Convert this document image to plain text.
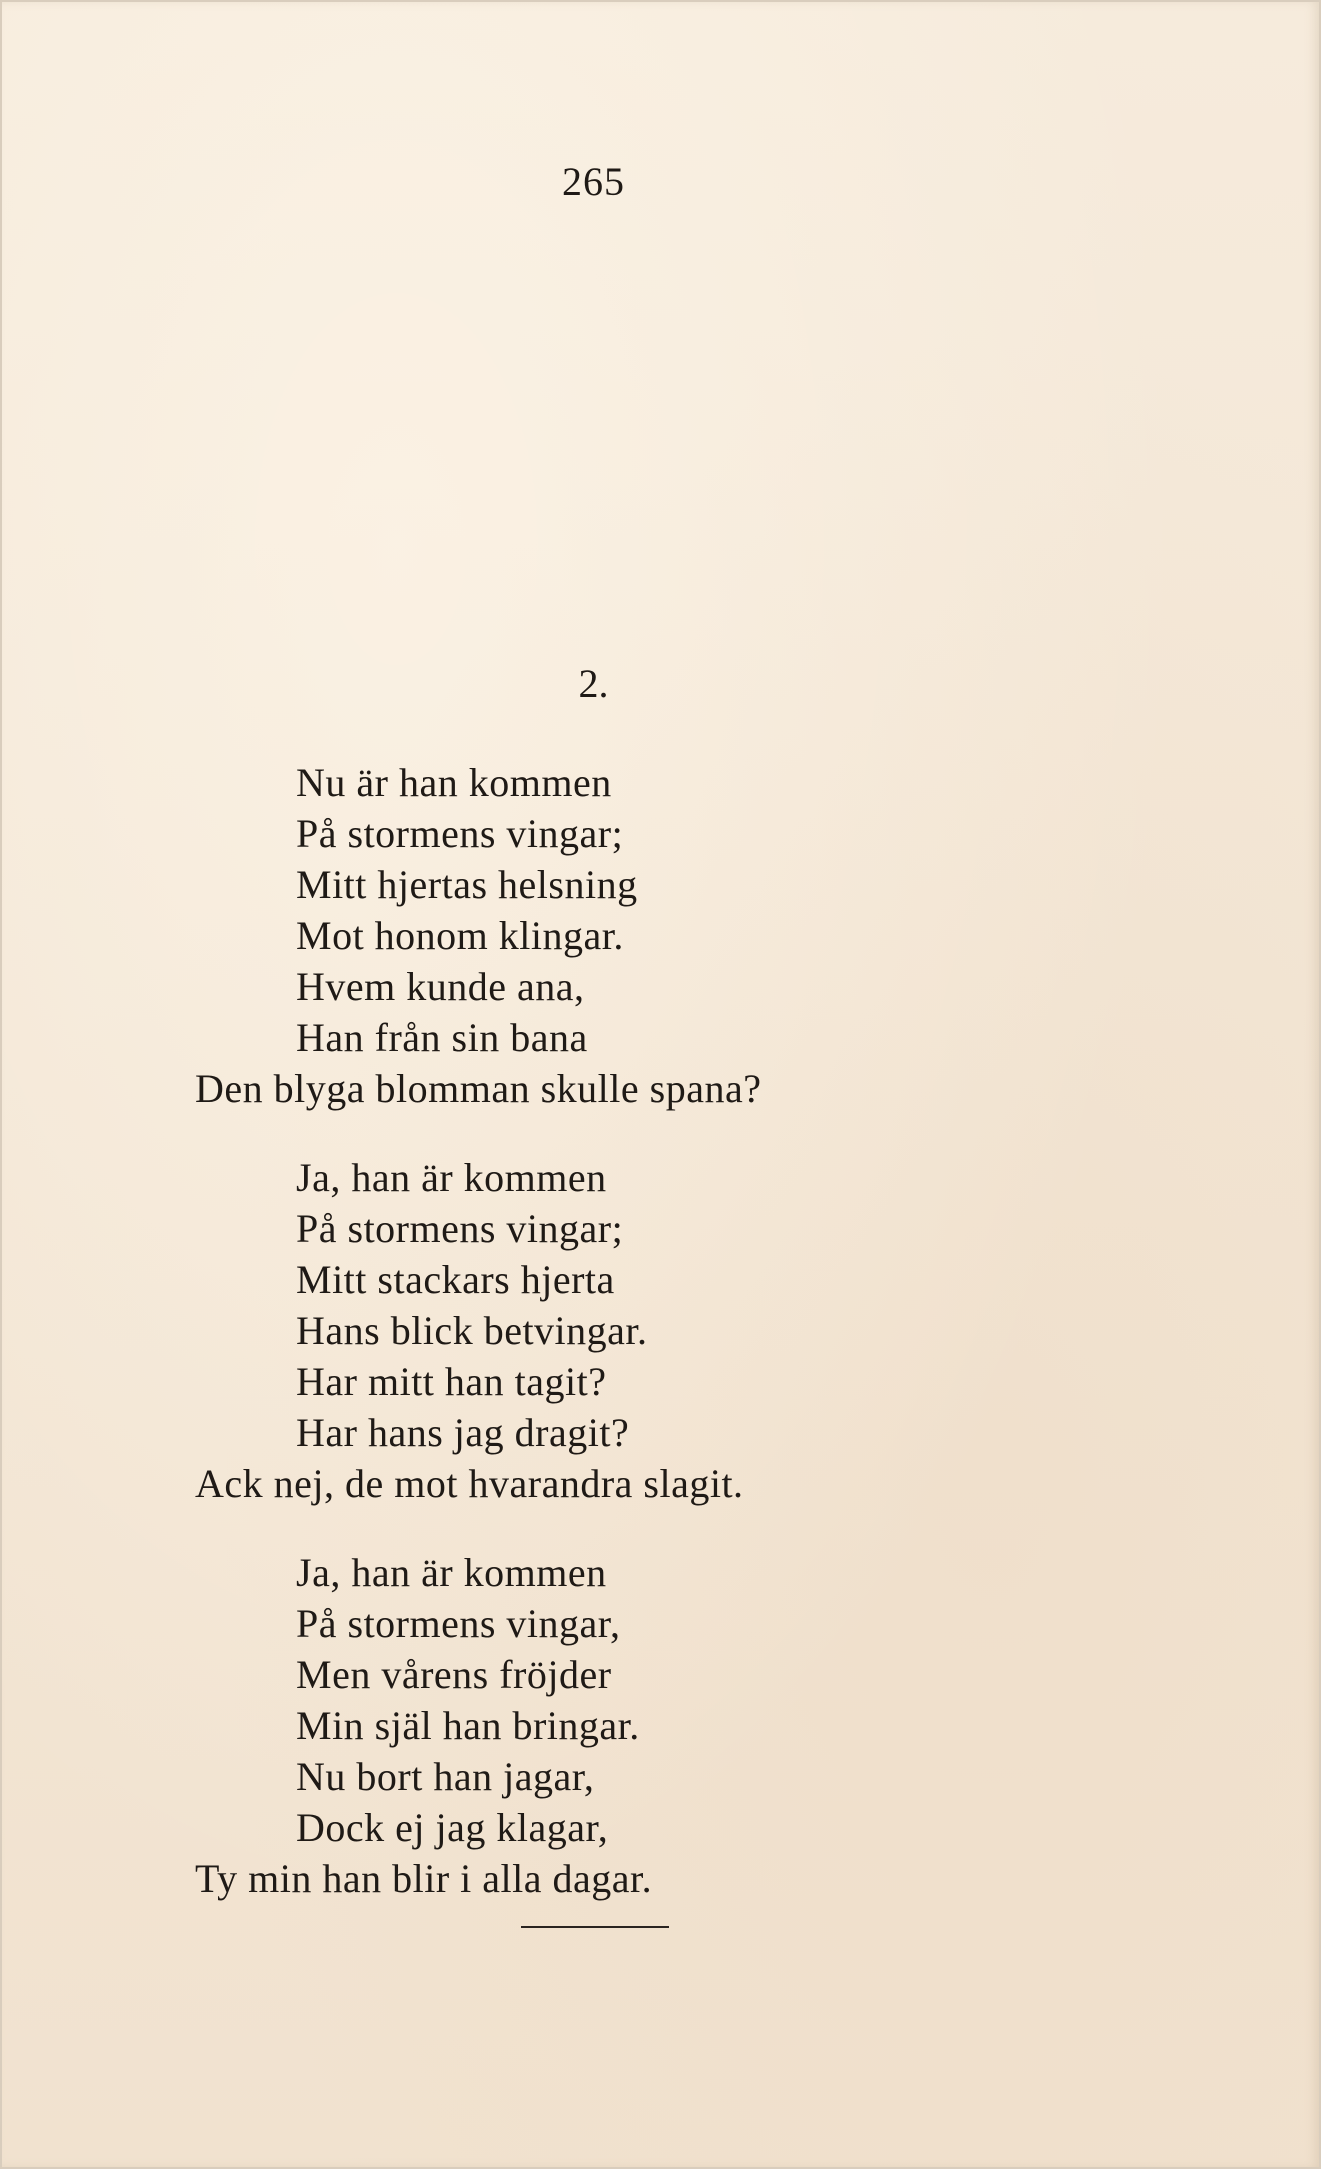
265
2.
Nu är han kommen
På stormens vingar;
Mitt hjertas helsning
Mot honom klingar.
Hvem kunde ana,
Han från sin bana
Den blyga blomman skulle spana?
Ja, han är kommen
På stormens vingar;
Mitt stackars hjerta
Hans blick betvingar.
Har mitt han tagit?
Har hans jag dragit?
Ack nej, de mot hvarandra slagit.
Ja, han är kommen
På stormens vingar,
Men vårens fröjder
Min själ han bringar.
Nu bort han jagar,
Dock ej jag klagar,
Ty min han blir i alla dagar.
